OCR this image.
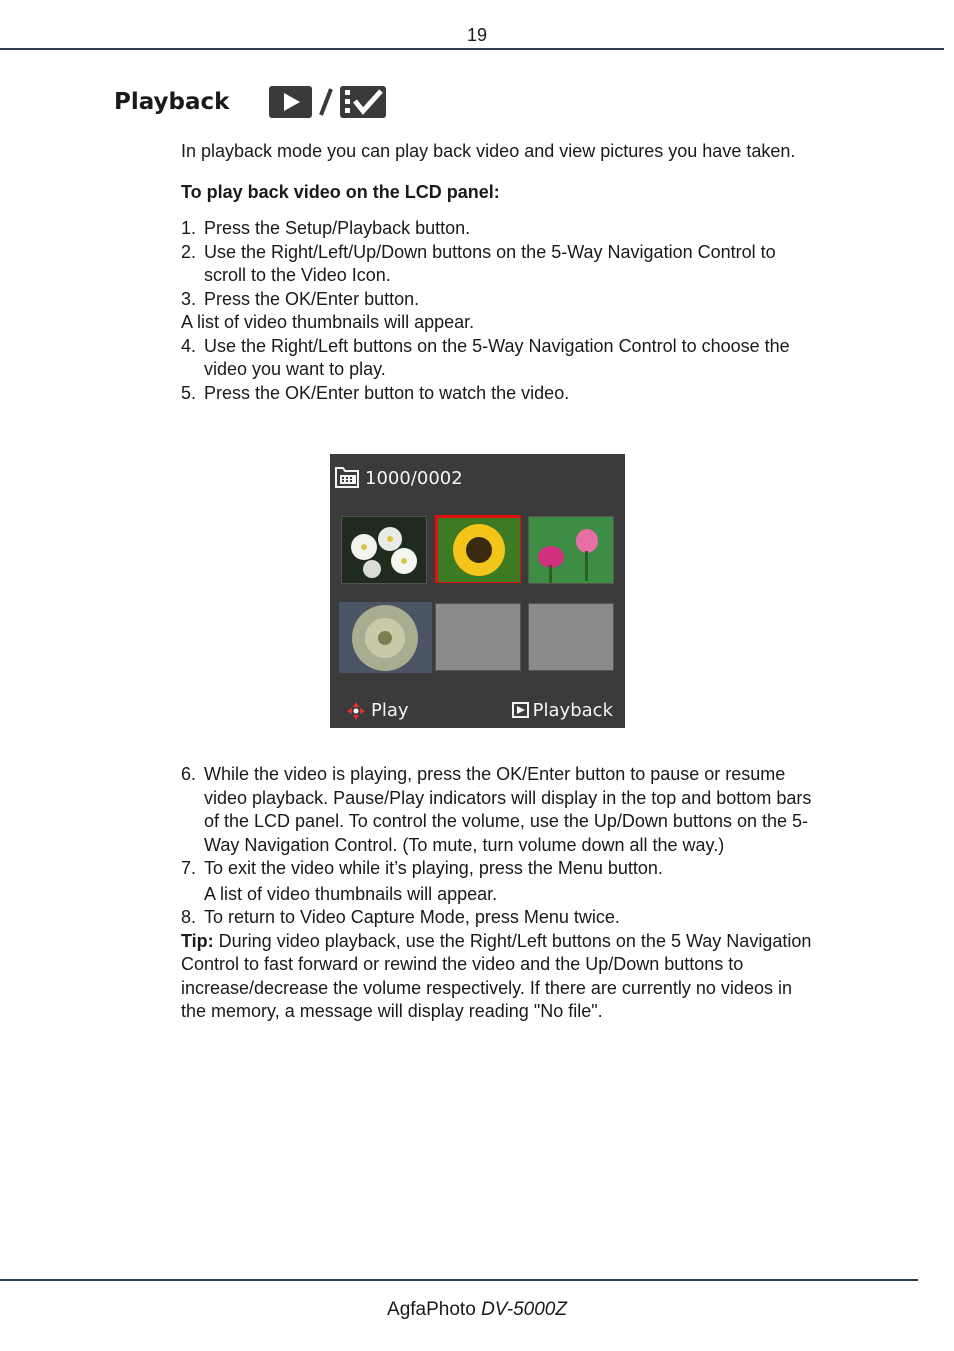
19
Playback
In playback mode you can play back video and view pictures you have taken.
To play back video on the LCD panel:
1. Press the Setup/Playback button.
2. Use the Right/Left/Up/Down buttons on the 5-Way Navigation Control to
scroll to the Video Icon.
3. Press the OK/Enter button.
A list of video thumbnails will appear.
4. Use the Right/Left buttons on the 5-Way Navigation Control to choose the
video you want to play.
5. Press the OK/Enter button to watch the video.
1000/0002
Play	Playback
6. While the video is playing, press the OK/Enter button to pause or resume
video playback. Pause/Play indicators will display in the top and bottom bars
of the LCD panel. To control the volume, use the Up/Down buttons on the 5-
Way Navigation Control. (To mute, turn volume down all the way.)
7. To exit the video while it’s playing, press the Menu button.
A list of video thumbnails will appear.
8. To return to Video Capture Mode, press Menu twice.
Tip: During video playback, use the Right/Left buttons on the 5 Way Navigation
Control to fast forward or rewind the video and the Up/Down buttons to
increase/decrease the volume respectively. If there are currently no videos in
the memory, a message will display reading "No file".
AgfaPhoto DV-5000Z
